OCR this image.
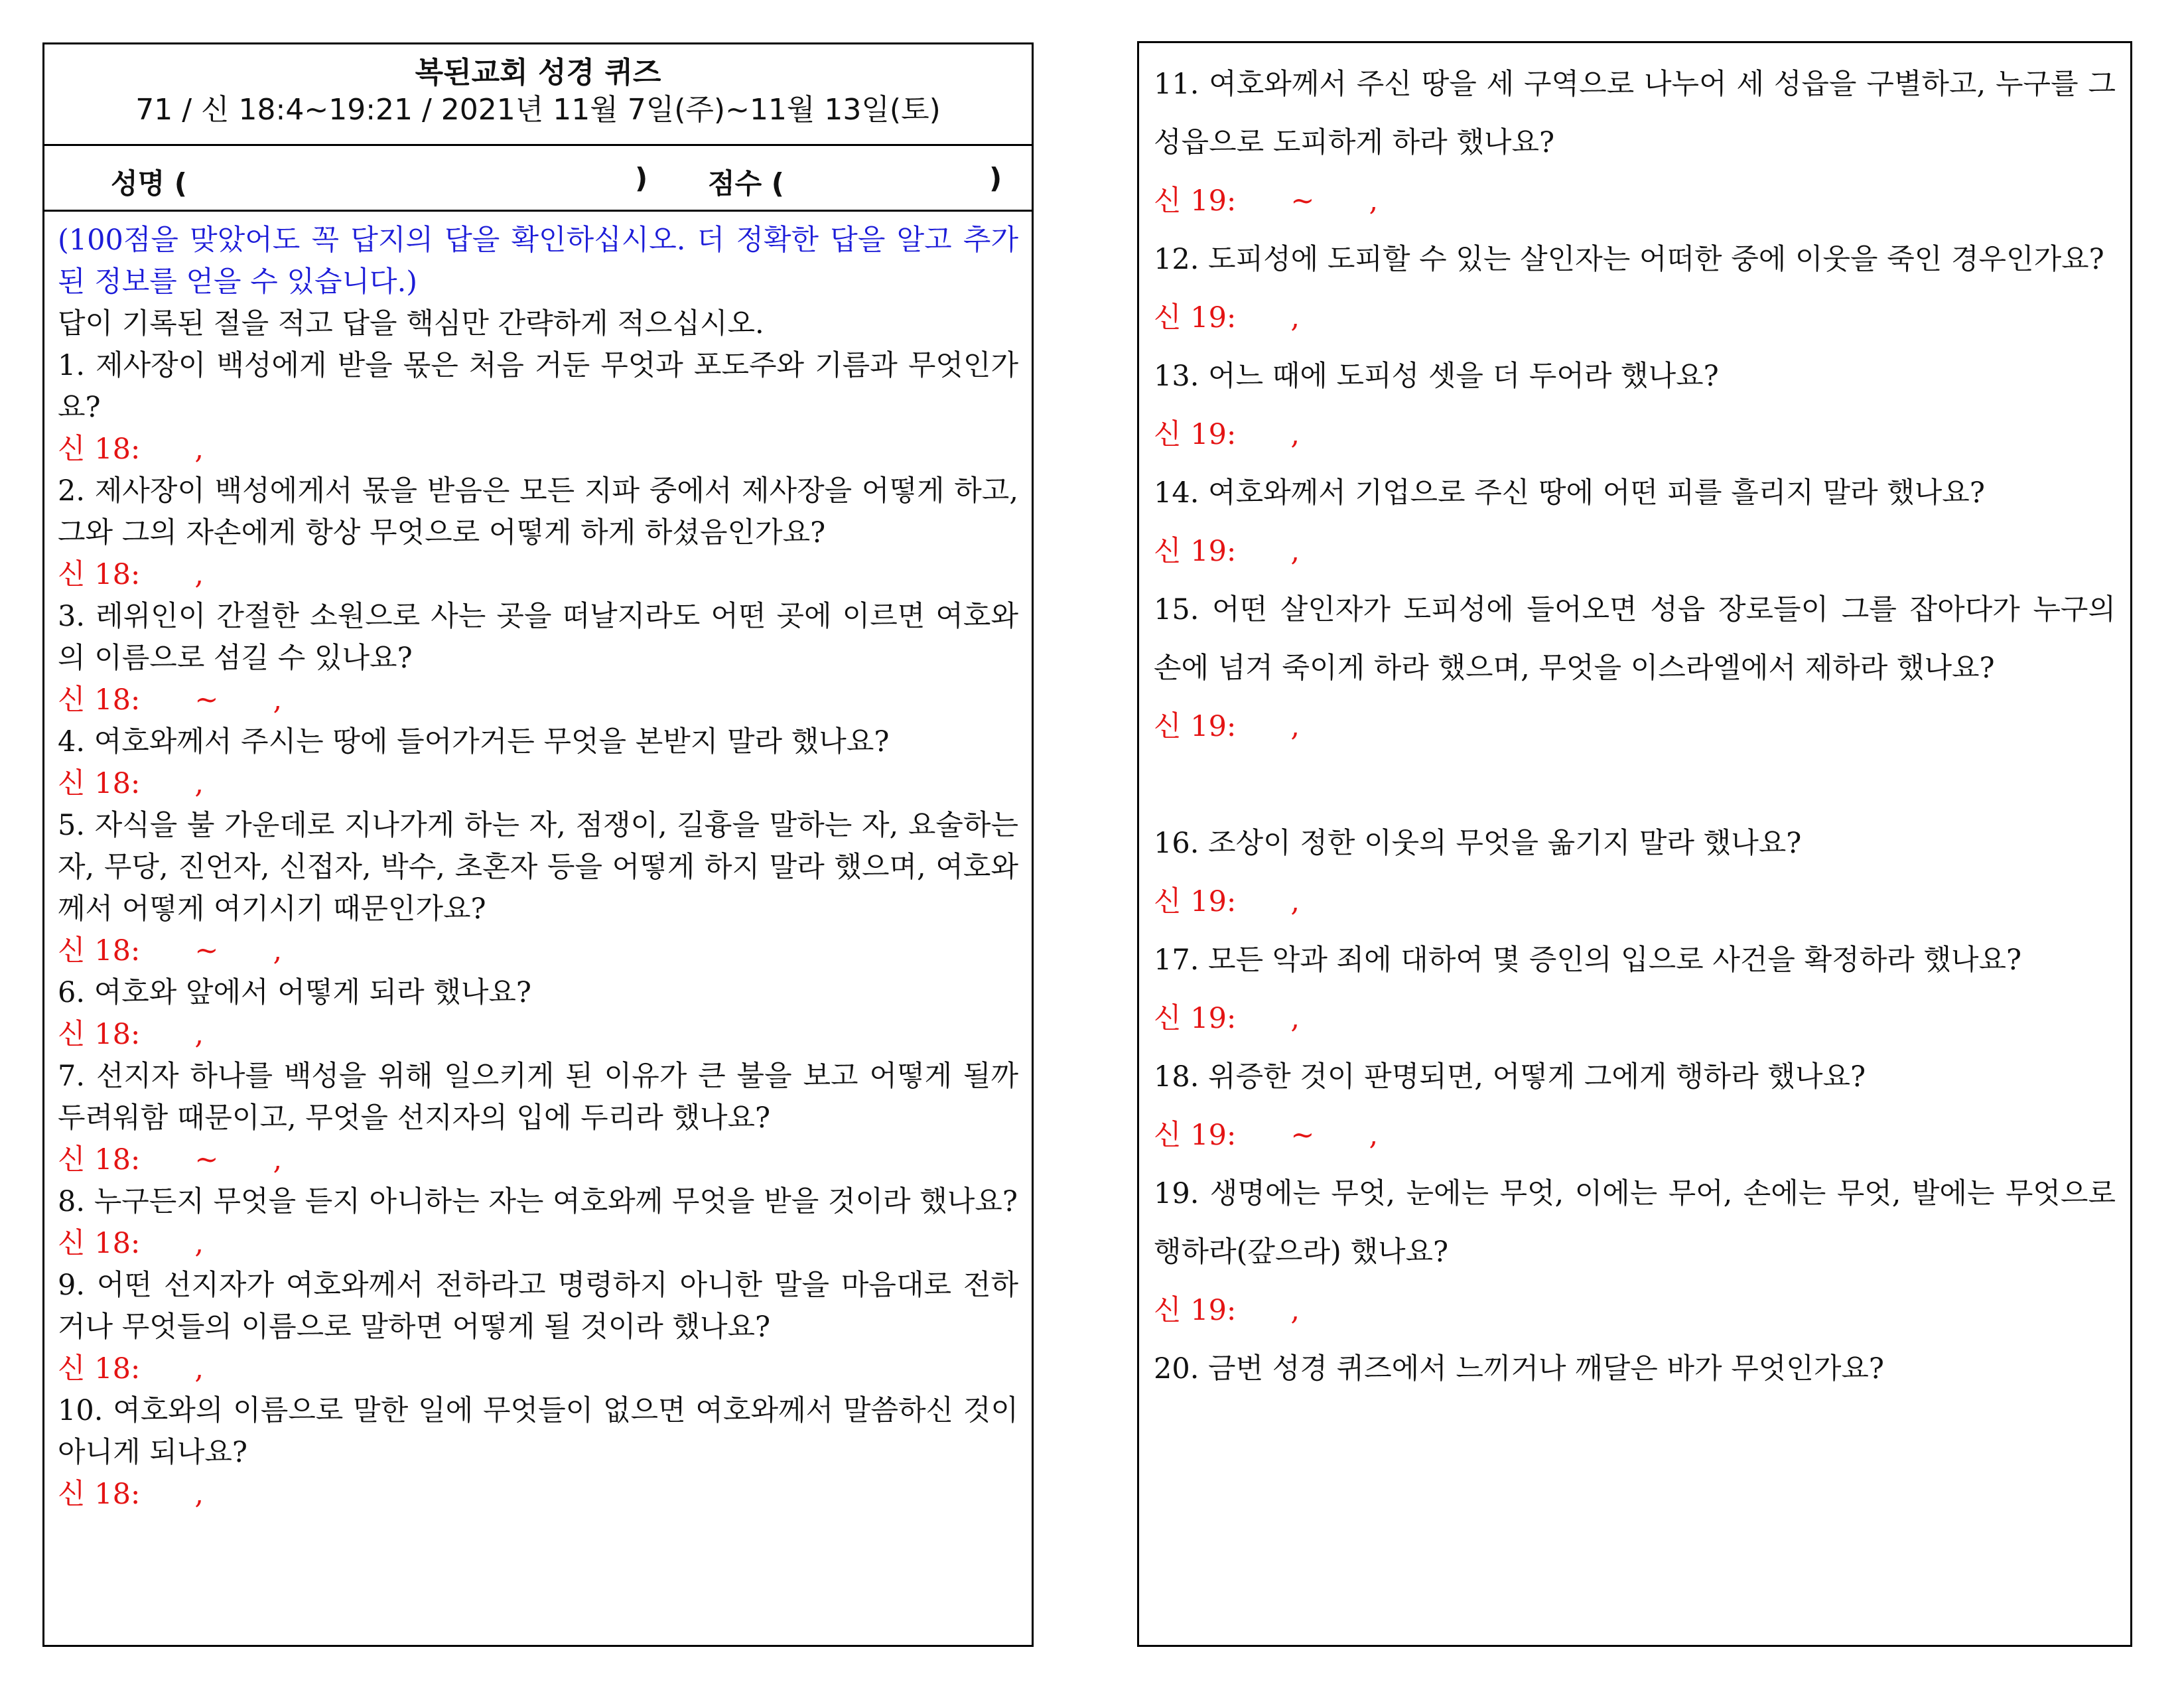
복된교회 성경 퀴즈
71 / 신 18:4~19:21 / 2021년 11월 7일(주)~11월 13일(토)
성명 (	) 점수 (	)
(100점을 맞았어도 꼭 답지의 답을 확인하십시오. 더 정확한 답을 알고 추가된 정보를 얻을 수 있습니다.)
답이 기록된 절을 적고 답을 핵심만 간략하게 적으십시오.
1. 제사장이 백성에게 받을 몫은 처음 거둔 무엇과 포도주와 기름과 무엇인가요?
신 18:      ,
2. 제사장이 백성에게서 몫을 받음은 모든 지파 중에서 제사장을 어떻게 하고, 그와 그의 자손에게 항상 무엇으로 어떻게 하게 하셨음인가요?
신 18:      ,
3. 레위인이 간절한 소원으로 사는 곳을 떠날지라도 어떤 곳에 이르면 여호와의 이름으로 섬길 수 있나요?
신 18:      ~      ,
4. 여호와께서 주시는 땅에 들어가거든 무엇을 본받지 말라 했나요?
신 18:      ,
5. 자식을 불 가운데로 지나가게 하는 자, 점쟁이, 길흉을 말하는 자, 요술하는 자, 무당, 진언자, 신접자, 박수, 초혼자 등을 어떻게 하지 말라 했으며, 여호와께서 어떻게 여기시기 때문인가요?
신 18:      ~      ,
6. 여호와 앞에서 어떻게 되라 했나요?
신 18:      ,
7. 선지자 하나를 백성을 위해 일으키게 된 이유가 큰 불을 보고 어떻게 될까 두려워함 때문이고, 무엇을 선지자의 입에 두리라 했나요?
신 18:      ~      ,
8. 누구든지 무엇을 듣지 아니하는 자는 여호와께 무엇을 받을 것이라 했나요?
신 18:      ,
9. 어떤 선지자가 여호와께서 전하라고 명령하지 아니한 말을 마음대로 전하거나 무엇들의 이름으로 말하면 어떻게 될 것이라 했나요?
신 18:      ,
10. 여호와의 이름으로 말한 일에 무엇들이 없으면 여호와께서 말씀하신 것이 아니게 되나요?
신 18:      ,
11. 여호와께서 주신 땅을 세 구역으로 나누어 세 성읍을 구별하고, 누구를 그 성읍으로 도피하게 하라 했나요?
신 19:      ~      ,
12. 도피성에 도피할 수 있는 살인자는 어떠한 중에 이웃을 죽인 경우인가요?
신 19:      ,
13. 어느 때에 도피성 셋을 더 두어라 했나요?
신 19:      ,
14. 여호와께서 기업으로 주신 땅에 어떤 피를 흘리지 말라 했나요?
신 19:      ,
15. 어떤 살인자가 도피성에 들어오면 성읍 장로들이 그를 잡아다가 누구의 손에 넘겨 죽이게 하라 했으며, 무엇을 이스라엘에서 제하라 했나요?
신 19:      ,
16. 조상이 정한 이웃의 무엇을 옮기지 말라 했나요?
신 19:      ,
17. 모든 악과 죄에 대하여 몇 증인의 입으로 사건을 확정하라 했나요?
신 19:      ,
18. 위증한 것이 판명되면, 어떻게 그에게 행하라 했나요?
신 19:      ~      ,
19. 생명에는 무엇, 눈에는 무엇, 이에는 무어, 손에는 무엇, 발에는 무엇으로 행하라(갚으라) 했나요?
신 19:      ,
20. 금번 성경 퀴즈에서 느끼거나 깨달은 바가 무엇인가요?
